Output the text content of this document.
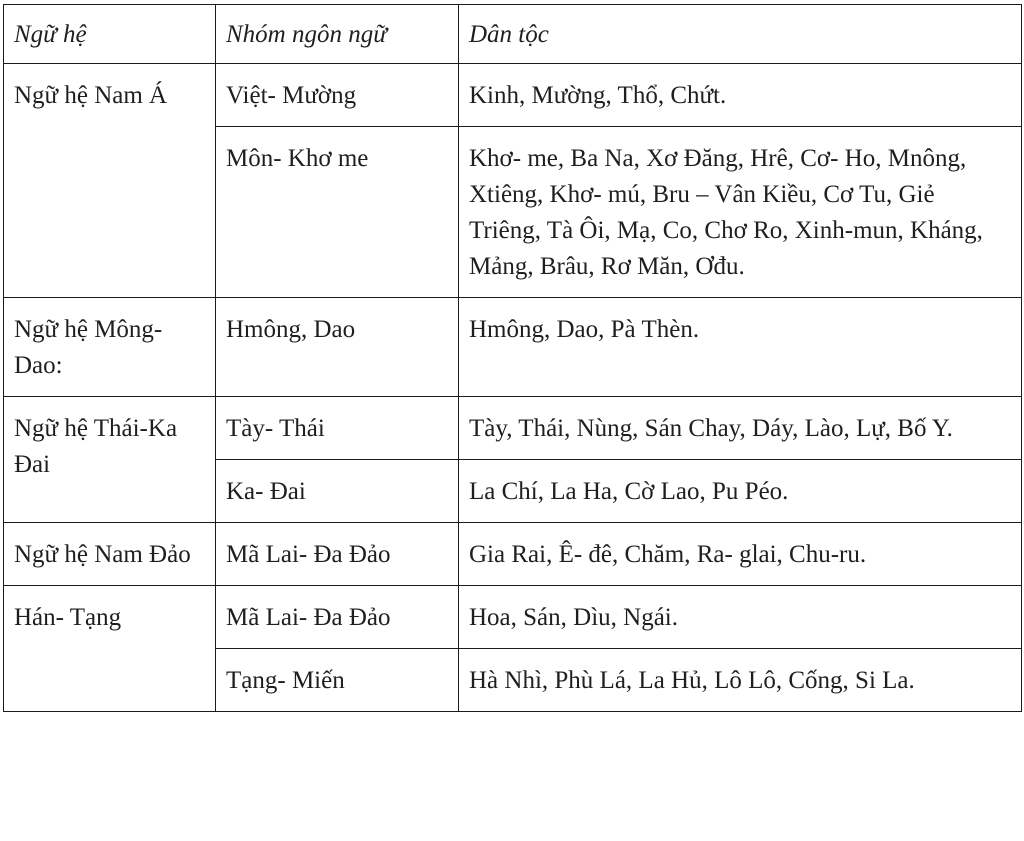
Ngữ hệ	Nhóm ngôn ngữ	Dân tộc
Ngữ hệ Nam Á	Việt- Mường	Kinh, Mường, Thổ, Chứt.
	Môn- Khơ me	Khơ- me, Ba Na, Xơ Đăng, Hrê, Cơ- Ho, Mnông, Xtiêng, Khơ- mú, Bru – Vân Kiều, Cơ Tu, Giẻ Triêng, Tà Ôi, Mạ, Co, Chơ Ro, Xinh-mun, Kháng, Mảng, Brâu, Rơ Măn, Ơđu.
Ngữ hệ Mông-Dao:	Hmông, Dao	Hmông, Dao, Pà Thèn.
Ngữ hệ Thái-Ka Đai	Tày- Thái	Tày, Thái, Nùng, Sán Chay, Dáy, Lào, Lự, Bố Y.
	Ka- Đai	La Chí, La Ha, Cờ Lao, Pu Péo.
Ngữ hệ Nam Đảo	Mã Lai- Đa Đảo	Gia Rai, Ê- đê, Chăm, Ra- glai, Chu-ru.
Hán- Tạng	Mã Lai- Đa Đảo	Hoa, Sán, Dìu, Ngái.
	Tạng- Miến	Hà Nhì, Phù Lá, La Hủ, Lô Lô, Cống, Si La.
